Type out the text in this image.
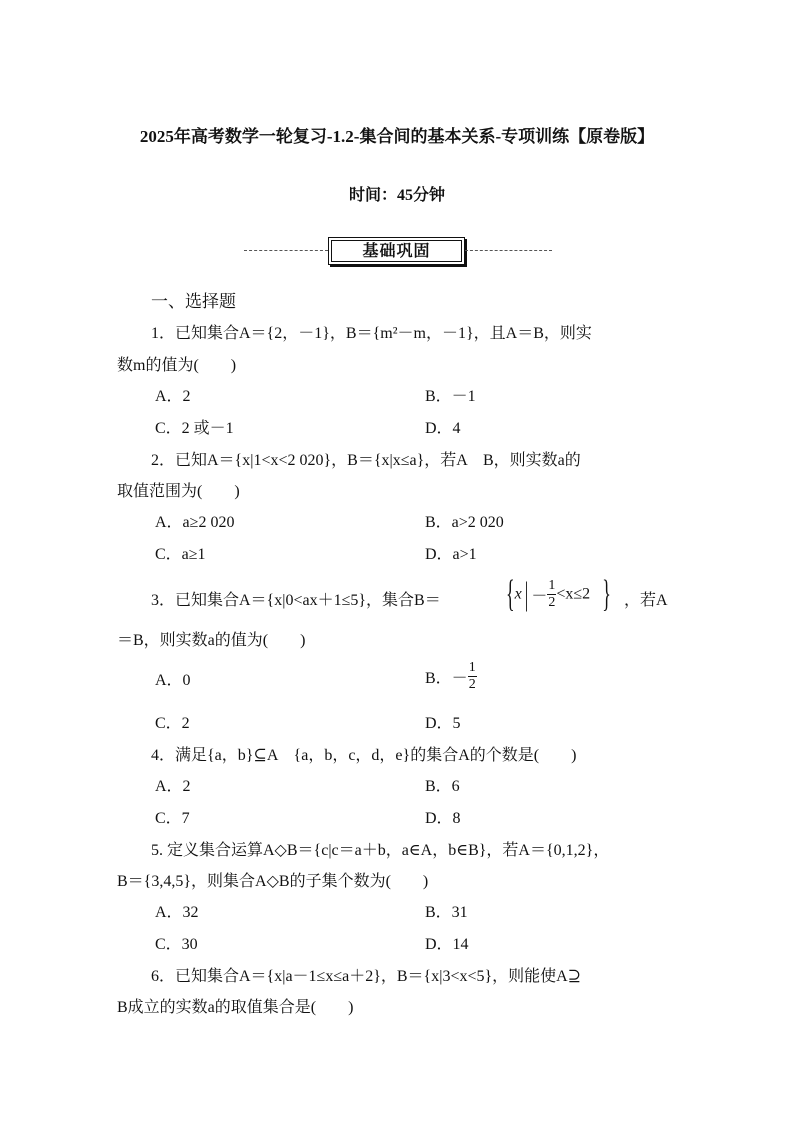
2025年高考数学一轮复习-1.2-集合间的基本关系-专项训练【原卷版】
时间：45分钟
基础巩固
一、选择题
1．已知集合A＝{2，－1}，B＝{m²－m，－1}，且A＝B，则实
数m的值为(　　)
A．2	B．－1
C．2 或－1	D．4
2．已知A＝{x|1<x<2 020}，B＝{x|x≤a}，若A　B，则实数a的
取值范围为(　　)
A．a≥2 020	B．a>2 020
C．a≥1	D．a>1
3．已知集合A＝{x|0<ax＋1≤5}，集合B＝	{x | － $\frac{1}{2} <x\le 2$ } ，若A
＝B，则实数a的值为(　　)
A．0	B．－ $\frac{1}{2}$
C．2	D．5
4．满足{a，b}⊆A　{a，b，c，d，e}的集合A的个数是(　　)
A．2	B．6
C．7	D．8
5. 定义集合运算A◇B＝{c|c＝a＋b，a∈A，b∈B}，若A＝{0,1,2}，
B＝{3,4,5}，则集合A◇B的子集个数为(　　)
A．32	B．31
C．30	D．14
6．已知集合A＝{x|a－1≤x≤a＋2}，B＝{x|3<x<5}，则能使A⊇
B成立的实数a的取值集合是(　　)
